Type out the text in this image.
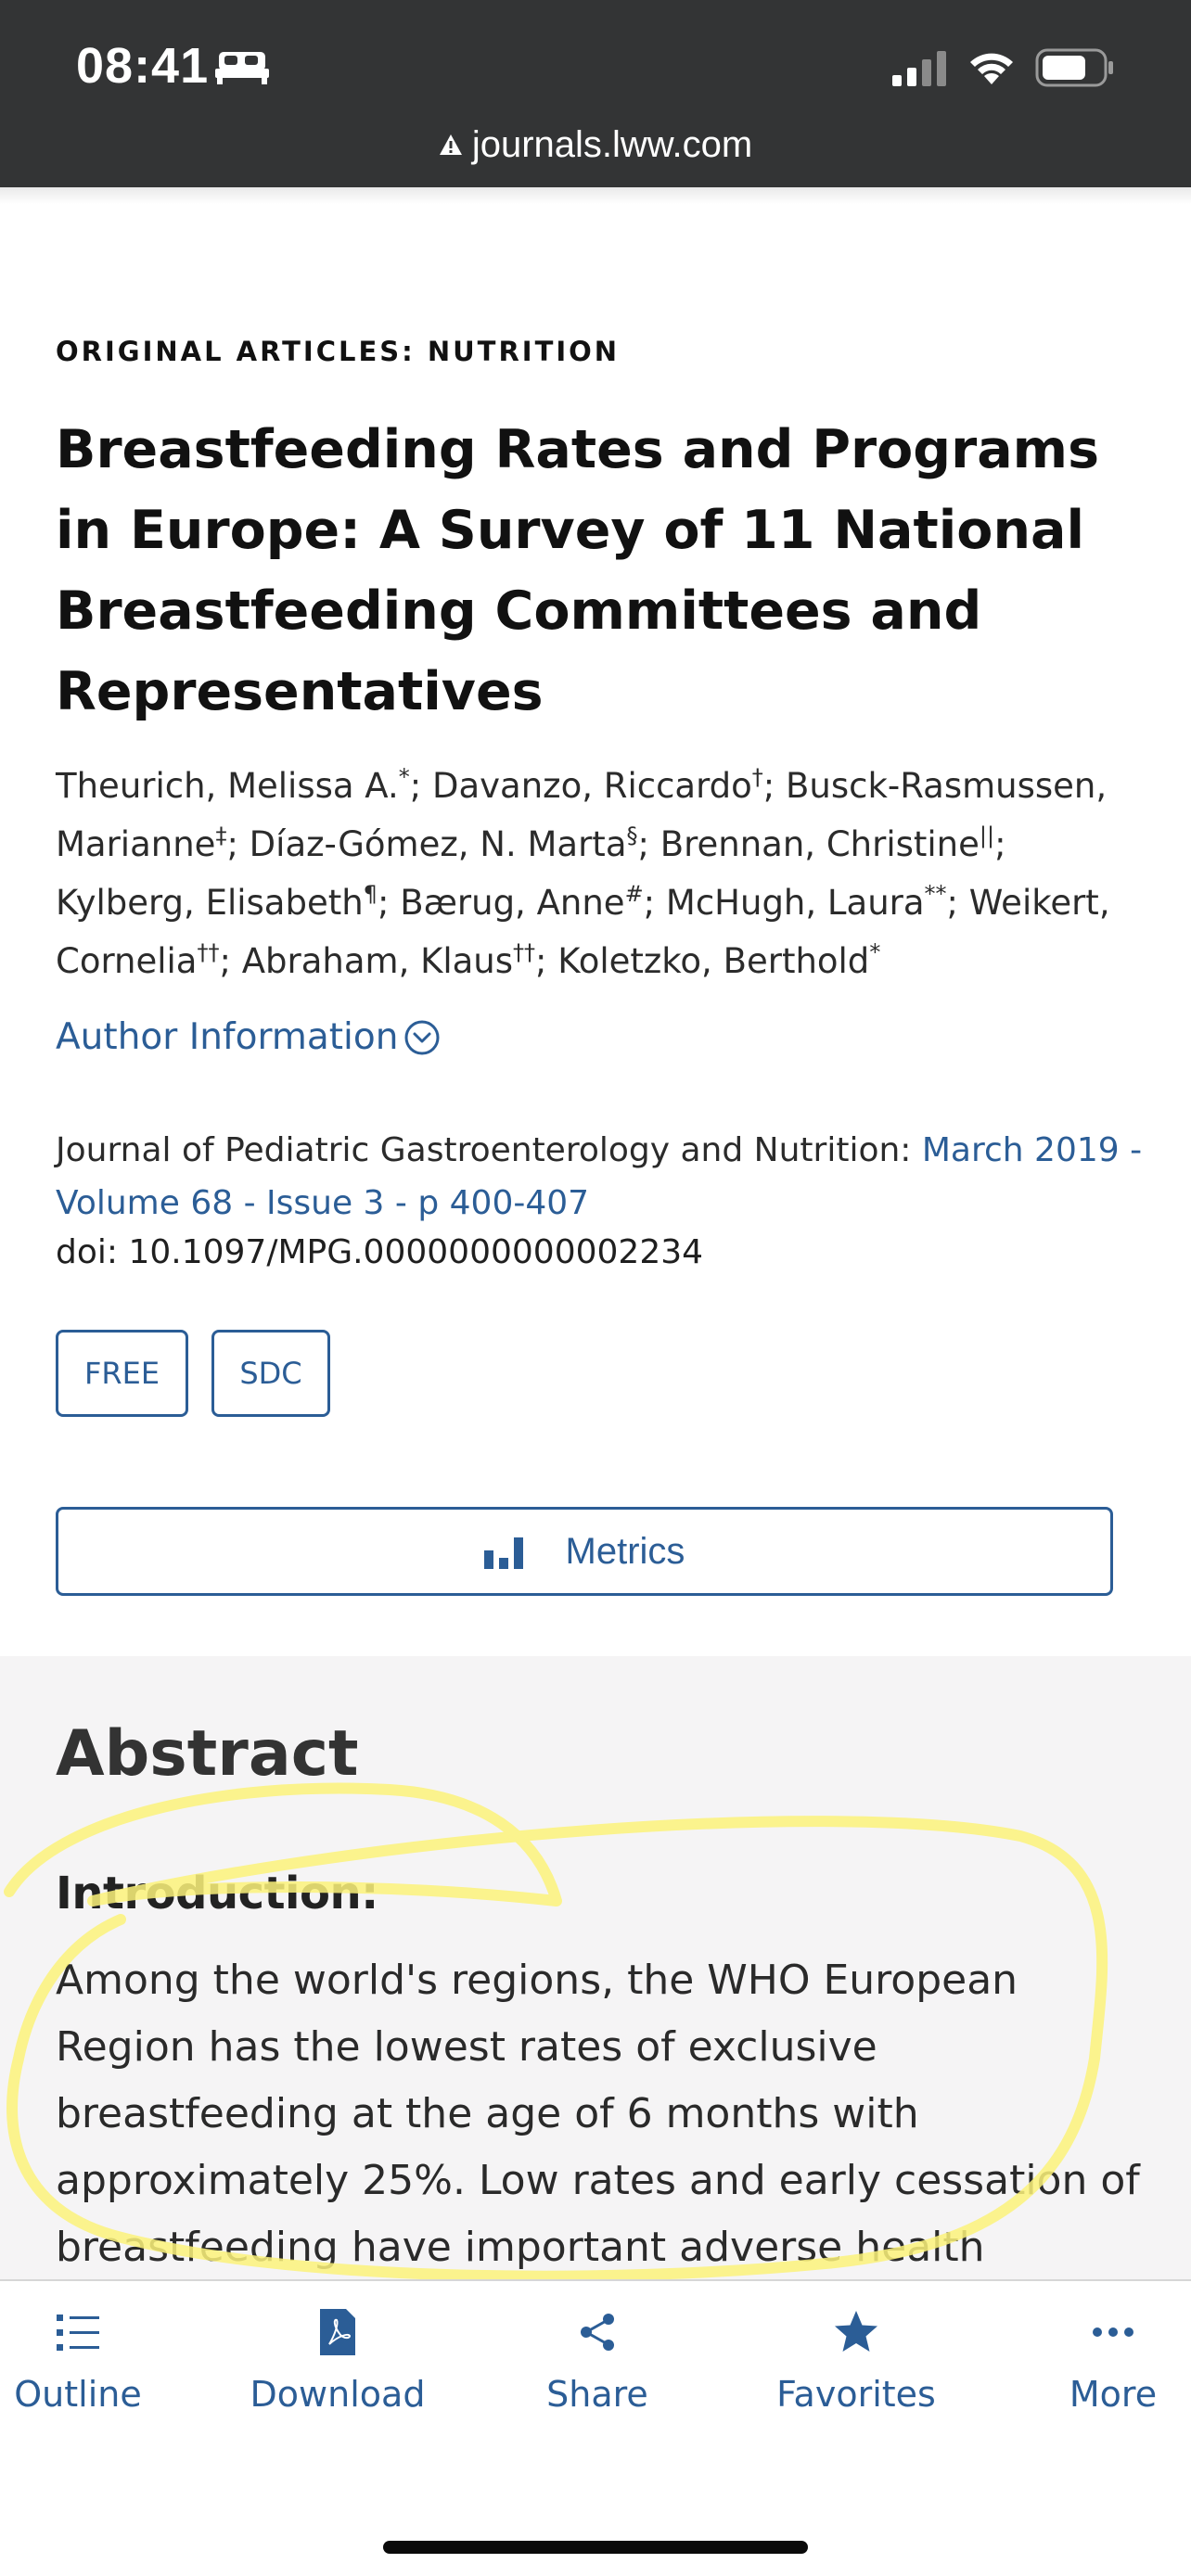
08:41
journals.lww.com
ORIGINAL ARTICLES: NUTRITION
Breastfeeding Rates and Programs in Europe: A Survey of 11 National Breastfeeding Committees and Representatives
Theurich, Melissa A.*; Davanzo, Riccardo†; Busck-Rasmussen, Marianne‡; Díaz-Gómez, N. Marta§; Brennan, Christine||; Kylberg, Elisabeth¶; Bærug, Anne#; McHugh, Laura**; Weikert, Cornelia††; Abraham, Klaus††; Koletzko, Berthold*
Author Information
Journal of Pediatric Gastroenterology and Nutrition: March 2019 - Volume 68 - Issue 3 - p 400-407
doi: 10.1097/MPG.0000000000002234
FREE	SDC
Metrics
Abstract
Introduction:

Among the world's regions, the WHO European Region has the lowest rates of exclusive breastfeeding at the age of 6 months with approximately 25%. Low rates and early cessation of breastfeeding have important adverse health

Outline	Download	Share	Favorites	More
